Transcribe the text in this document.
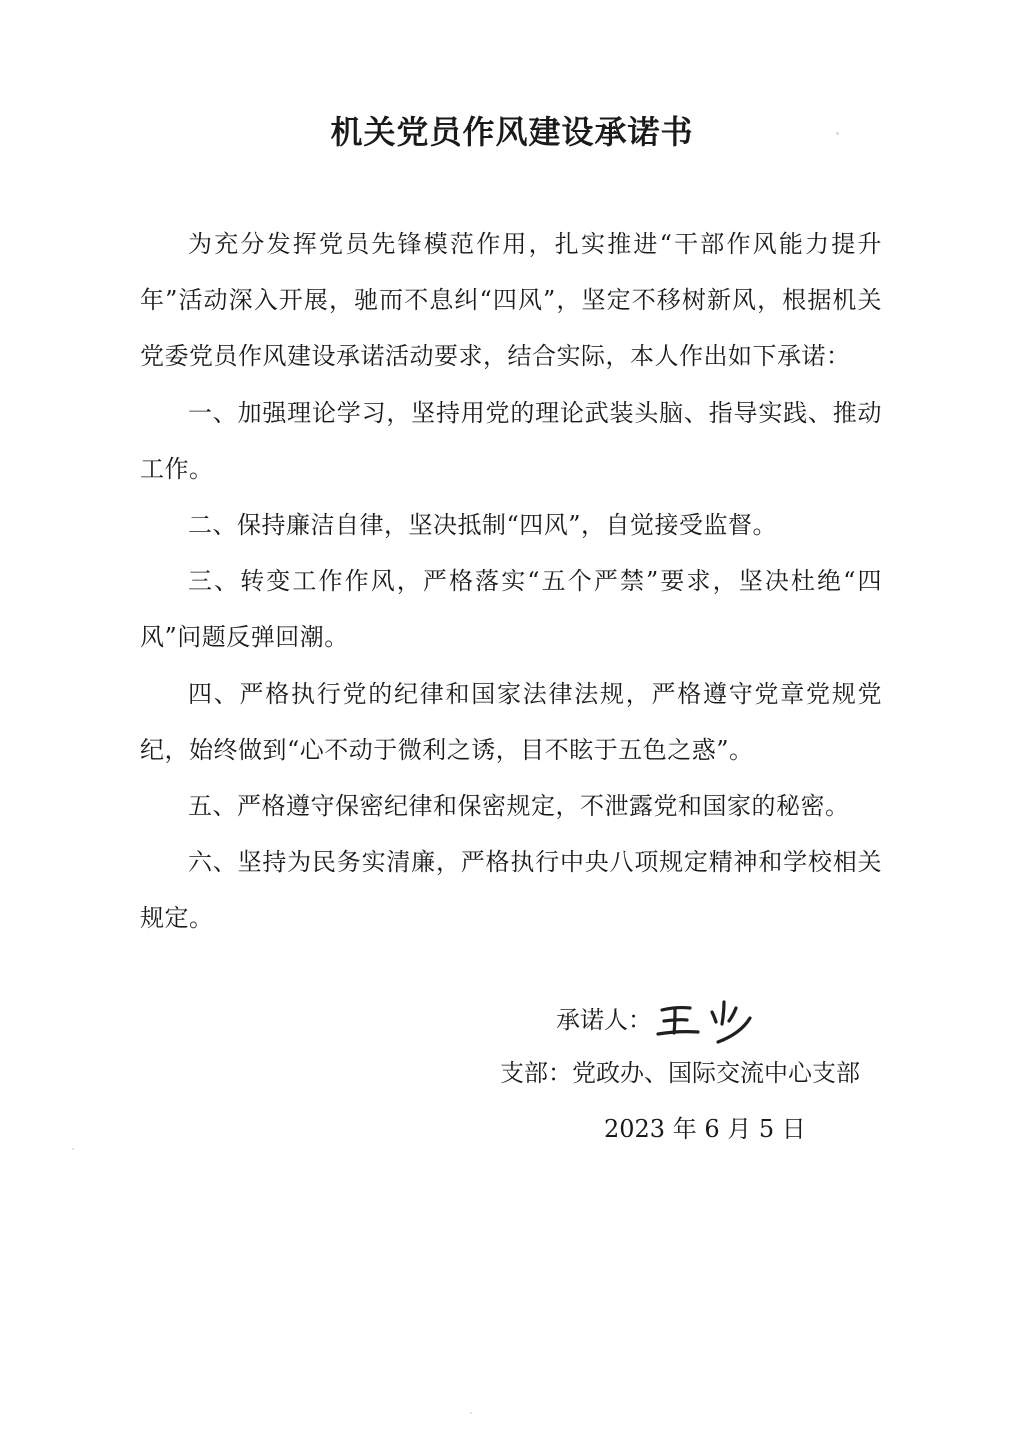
机关党员作风建设承诺书

为充分发挥党员先锋模范作用，扎实推进“干部作风能力提升年”活动深入开展，驰而不息纠“四风”，坚定不移树新风，根据机关党委党员作风建设承诺活动要求，结合实际，本人作出如下承诺：

一、加强理论学习，坚持用党的理论武装头脑、指导实践、推动工作。

二、保持廉洁自律，坚决抵制“四风”，自觉接受监督。

三、转变工作作风，严格落实“五个严禁”要求，坚决杜绝“四风”问题反弹回潮。

四、严格执行党的纪律和国家法律法规，严格遵守党章党规党纪，始终做到“心不动于微利之诱，目不眩于五色之惑”。

五、严格遵守保密纪律和保密规定，不泄露党和国家的秘密。

六、坚持为民务实清廉，严格执行中央八项规定精神和学校相关规定。

承诺人：
支部：党政办、国际交流中心支部
2023 年 6 月 5 日
